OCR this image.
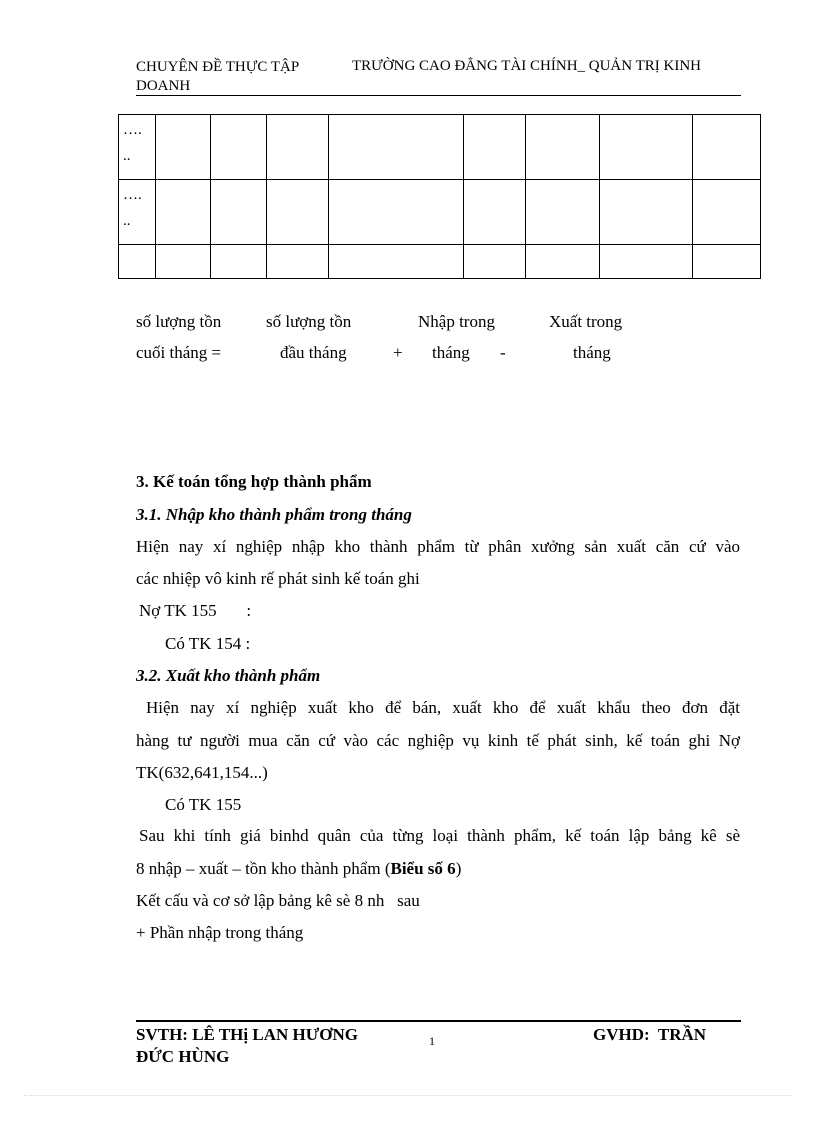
CHUYÊN ĐỀ THỰC TẬP
DOANH
TRƯỜNG CAO ĐẲNG TÀI CHÍNH_ QUẢN TRỊ KINH
….
..								

….
..								

số lượng tồn
cuối tháng =
số lượng tồn
đầu tháng	+
Nhập trong
tháng -
Xuất trong
tháng
3. Kế toán tổng hợp thành phẩm
3.1. Nhập kho thành phẩm trong tháng
Hiện nay xí nghiệp nhập kho thành phẩm từ phân xưởng sản xuất căn cứ vào
các nhiệp vô kinh rế phát sinh kế toán ghi
Nợ TK 155       :
Có TK 154 :
3.2. Xuất kho thành phẩm
Hiện nay xí nghiệp xuất kho để bán, xuất kho để xuất khẩu theo đơn đặt
hàng tư người mua căn cứ vào các nghiệp vụ kinh tế phát sinh, kế toán ghi Nợ
TK(632,641,154...)
Có TK 155
Sau khi tính giá binhd quân của từng loại thành phẩm, kế toán lập bảng kê sè
8 nhập – xuất – tồn kho thành phẩm (Biểu số 6)
Kết cấu và cơ sở lập bảng kê sè 8 nh   sau
+ Phần nhập trong tháng
SVTH: LÊ THị LAN HƯƠNG
ĐỨC HÙNG
1	GVHD:  TRẦN
